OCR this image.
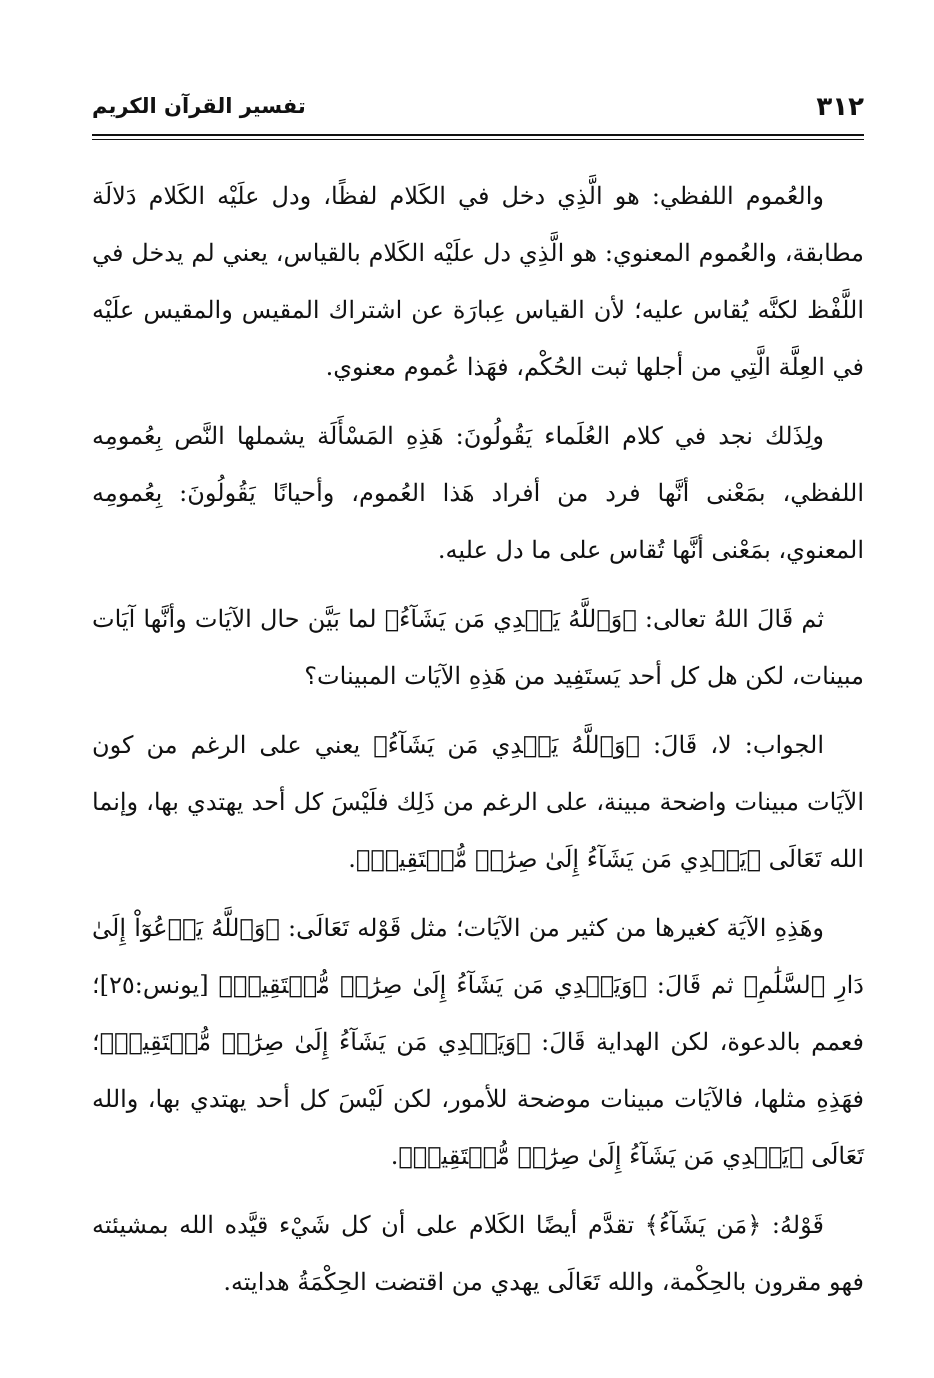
٣١٢
تفسير القرآن الكريم

والعُموم اللفظي: هو الَّذِي دخل في الكَلام لفظًا، ودل علَيْه الكَلام دَلالَة مطابقة، والعُموم المعنوي: هو الَّذِي دل علَيْه الكَلام بالقياس، يعني لم يدخل في اللَّفْظ لكنَّه يُقاس عليه؛ لأن القياس عِبارَة عن اشتراك المقيس والمقيس علَيْه في العِلَّة الَّتِي من أجلها ثبت الحُكْم، فهَذا عُموم معنوي.

ولِذَلك نجد في كلام العُلَماء يَقُولُونَ: هَذِهِ المَسْأَلَة يشملها النَّص بِعُمومِه اللفظي، بمَعْنى أنَّها فرد من أفراد هَذا العُموم، وأحيانًا يَقُولُونَ: بِعُمومِه المعنوي، بمَعْنى أنَّها تُقاس على ما دل عليه.

ثم قَالَ اللهُ تعالى: ﴿وَٱللَّهُ يَهۡدِي مَن يَشَآءُ﴾ لما بَيَّن حال الآيَات وأنَّها آيَات مبينات، لكن هل كل أحد يَستَفِيد من هَذِهِ الآيَات المبينات؟

الجواب: لا، قَالَ: ﴿وَٱللَّهُ يَهۡدِي مَن يَشَآءُ﴾ يعني على الرغم من كون الآيَات مبينات واضحة مبينة، على الرغم من ذَلِك فلَيْسَ كل أحد يهتدي بها، وإنما الله تَعَالَى ﴿يَهۡدِي مَن يَشَآءُ إِلَىٰ صِرَٰطٖ مُّسۡتَقِيمٖ﴾.

وهَذِهِ الآيَة كغيرها من كثير من الآيَات؛ مثل قَوْله تَعَالَى: ﴿وَٱللَّهُ يَدۡعُوٓاْ إِلَىٰ دَارِ ٱلسَّلَٰمِ﴾ ثم قَالَ: ﴿وَيَهۡدِي مَن يَشَآءُ إِلَىٰ صِرَٰطٖ مُّسۡتَقِيمٖ﴾ [يونس:٢٥]؛ فعمم بالدعوة، لكن الهداية قَالَ: ﴿وَيَهۡدِي مَن يَشَآءُ إِلَىٰ صِرَٰطٖ مُّسۡتَقِيمٖ﴾؛ فهَذِهِ مثلها، فالآيَات مبينات موضحة للأمور، لكن لَيْسَ كل أحد يهتدي بها، والله تَعَالَى ﴿يَهۡدِي مَن يَشَآءُ إِلَىٰ صِرَٰطٖ مُّسۡتَقِيمٖ﴾.

قَوْلهُ: ﴿مَن يَشَآءُ﴾ تقدَّم أيضًا الكَلام على أن كل شَيْء قيَّده الله بمشيئته فهو مقرون بالحِكْمة، والله تَعَالَى يهدي من اقتضت الحِكْمَةُ هدايته.
